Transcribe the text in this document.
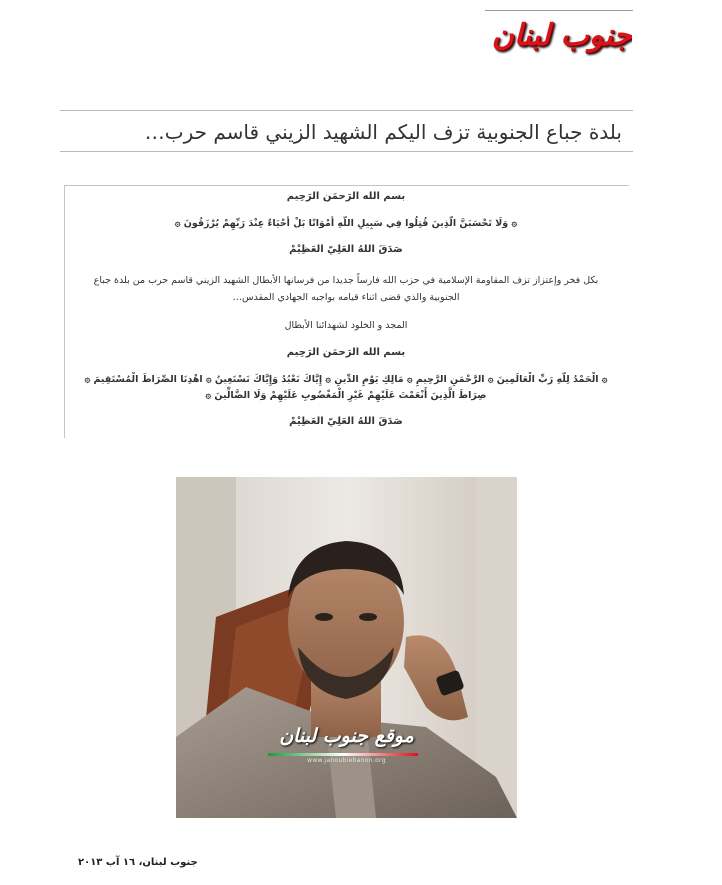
جنوب لبنان
بلدة جباع الجنوبية تزف اليكم الشهيد الزيني قاسم حرب…

بسم الله الرَحمَن الرَحِيم

۞ وَلَا تَحْسَبَنَّ الَّذِينَ قُتِلُوا فِي سَبِيلِ اللَّهِ أَمْوَاتًا بَلْ أَحْيَاءٌ عِنْدَ رَبِّهِمْ يُرْزَقُونَ ۞

صَدَقَ اللهُ العَلِيّ العَظِيْمْ

بكل فخر وإعتزاز تزف المقاومة الإسلامية في حزب الله فارساً جديدا من فرسانها الأبطال الشهيد الزيني قاسم حرب من بلدة جباع الجنوبية والذي قضى اثناء قيامه بواجبه الجهادي المقدس…

المجد و الخلود لشهدائنا الأبطال

بسم الله الرَحمَن الرَحِيم

۞ الْحَمْدُ لِلَّهِ رَبِّ الْعَالَمِينَ ۞ الرَّحْمَنِ الرَّحِيمِ ۞ مَالِكِ يَوْمِ الدِّينِ ۞ إِيَّاكَ نَعْبُدُ وَإِيَّاكَ نَسْتَعِينُ ۞ اهْدِنَا الصِّرَاطَ الْمُسْتَقِيمَ ۞ صِرَاطَ الَّذِينَ أَنْعَمْتَ عَلَيْهِمْ غَيْرِ الْمَغْضُوبِ عَلَيْهِمْ وَلَا الضَّالِّينَ ۞

صَدَقَ اللهُ العَلِيّ العَظِيْمْ

موقع جنوب لبنان
www.janoubiebanon.org
جنوب لبنان، ١٦ آب ٢٠١٣
